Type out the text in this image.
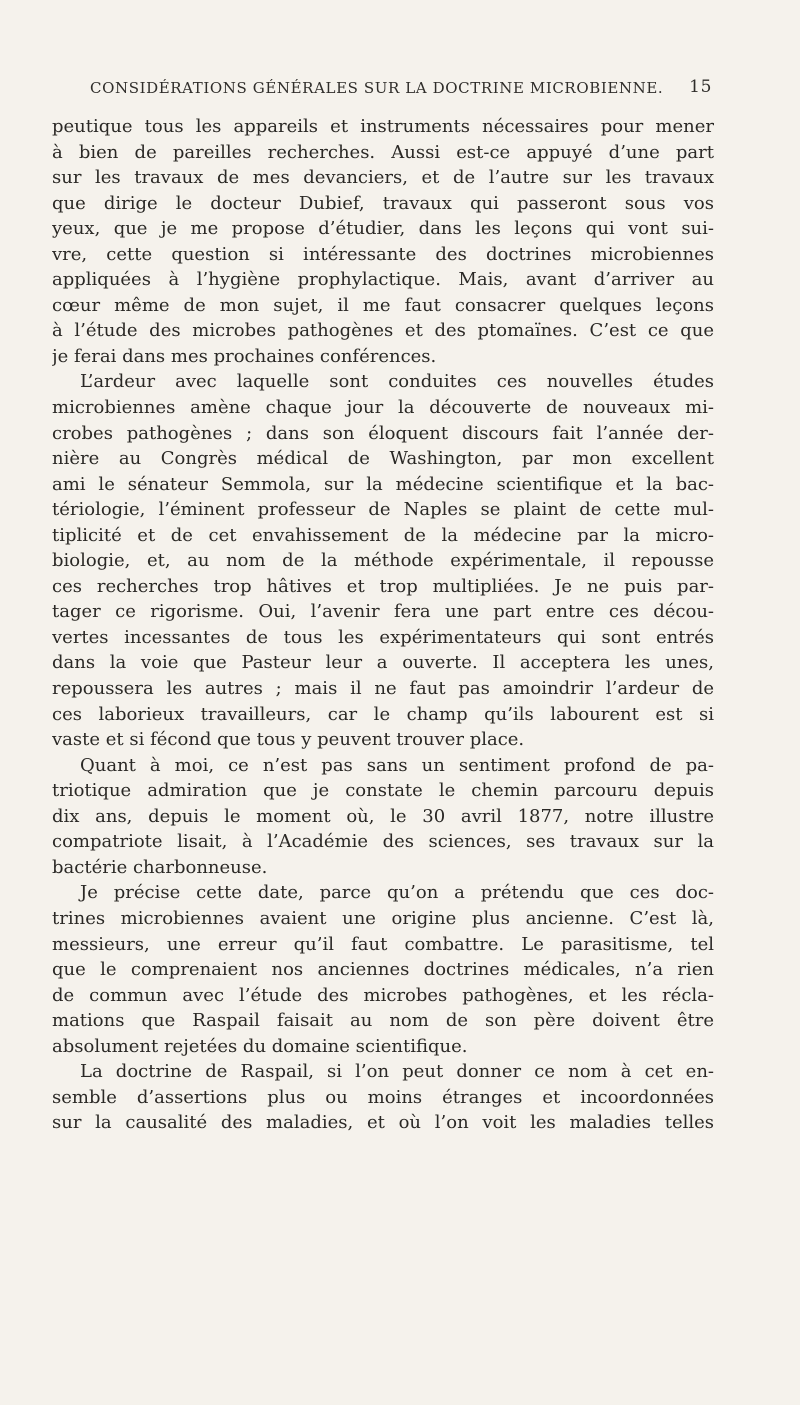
CONSIDÉRATIONS GÉNÉRALES SUR LA DOCTRINE MICROBIENNE. 15
peutique tous les appareils et instruments nécessaires pour mener
à bien de pareilles recherches. Aussi est-ce appuyé d’une part
sur les travaux de mes devanciers, et de l’autre sur les travaux
que dirige le docteur Dubief, travaux qui passeront sous vos
yeux, que je me propose d’étudier, dans les leçons qui vont sui-
vre, cette question si intéressante des doctrines microbiennes
appliquées à l’hygiène prophylactique. Mais, avant d’arriver au
cœur même de mon sujet, il me faut consacrer quelques leçons
à l’étude des microbes pathogènes et des ptomaïnes. C’est ce que
je ferai dans mes prochaines conférences.
L’ardeur avec laquelle sont conduites ces nouvelles études
microbiennes amène chaque jour la découverte de nouveaux mi-
crobes pathogènes ; dans son éloquent discours fait l’année der-
nière au Congrès médical de Washington, par mon excellent
ami le sénateur Semmola, sur la médecine scientifique et la bac-
tériologie, l’éminent professeur de Naples se plaint de cette mul-
tiplicité et de cet envahissement de la médecine par la micro-
biologie, et, au nom de la méthode expérimentale, il repousse
ces recherches trop hâtives et trop multipliées. Je ne puis par-
tager ce rigorisme. Oui, l’avenir fera une part entre ces décou-
vertes incessantes de tous les expérimentateurs qui sont entrés
dans la voie que Pasteur leur a ouverte. Il acceptera les unes,
repoussera les autres ; mais il ne faut pas amoindrir l’ardeur de
ces laborieux travailleurs, car le champ qu’ils labourent est si
vaste et si fécond que tous y peuvent trouver place.
Quant à moi, ce n’est pas sans un sentiment profond de pa-
triotique admiration que je constate le chemin parcouru depuis
dix ans, depuis le moment où, le 30 avril 1877, notre illustre
compatriote lisait, à l’Académie des sciences, ses travaux sur la
bactérie charbonneuse.
Je précise cette date, parce qu’on a prétendu que ces doc-
trines microbiennes avaient une origine plus ancienne. C’est là,
messieurs, une erreur qu’il faut combattre. Le parasitisme, tel
que le comprenaient nos anciennes doctrines médicales, n’a rien
de commun avec l’étude des microbes pathogènes, et les récla-
mations que Raspail faisait au nom de son père doivent être
absolument rejetées du domaine scientifique.
La doctrine de Raspail, si l’on peut donner ce nom à cet en-
semble d’assertions plus ou moins étranges et incoordonnées
sur la causalité des maladies, et où l’on voit les maladies telles
